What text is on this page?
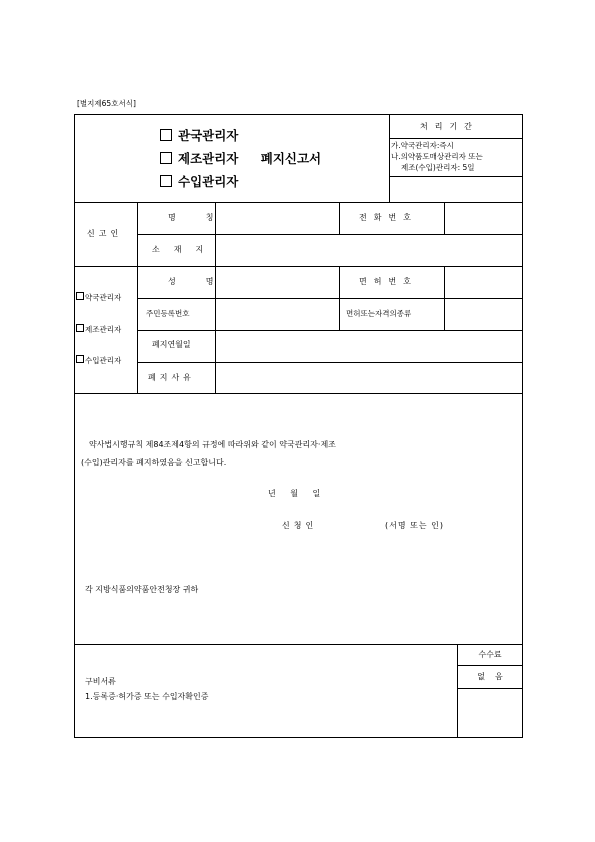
[별지제65호서식]
관국관리자
제조관리자 폐지신고서
수입관리자
처리기간
가.약국관리자:즉시
나.의약품도매상관리자 또는
제조(수입)관리자: 5일
신고인
명칭	전화번호
소재지
약국관리자
제조관리자
수입관리자
성명	면허번호
주민등록번호	면허또는자격의종류
폐지연월일
폐지사유
약사법시행규칙 제84조제4항의 규정에 따라위와 같이 약국관리자·제조
(수입)관리자를 폐지하였음을 신고합니다.
년 월 일
신청인	(서명 또는 인)
각 지방식품의약품안전청장 귀하
구비서류
1.등록증·허가증 또는 수입자확인증
수수료
없음
